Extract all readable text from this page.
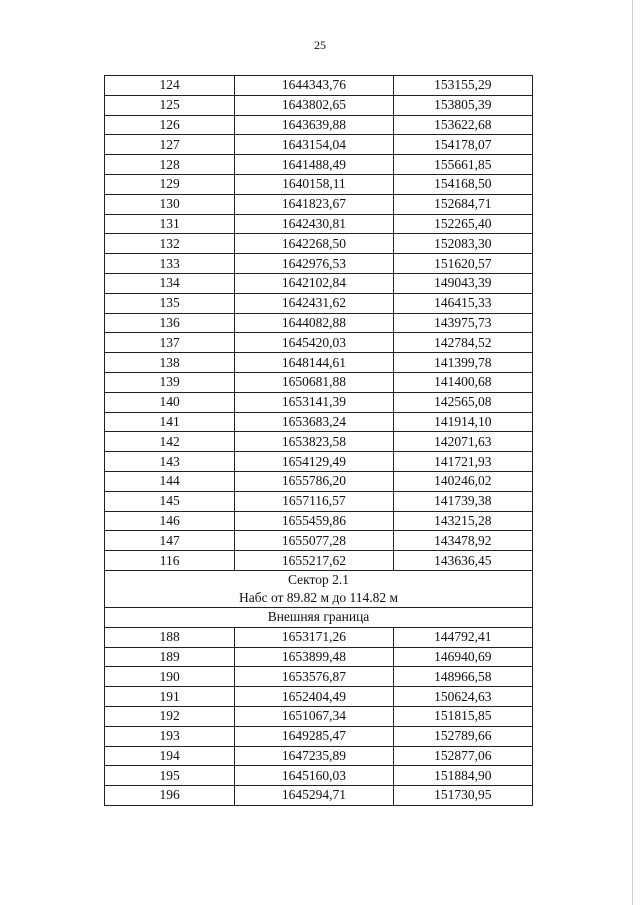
25
124	1644343,76	153155,29
125	1643802,65	153805,39
126	1643639,88	153622,68
127	1643154,04	154178,07
128	1641488,49	155661,85
129	1640158,11	154168,50
130	1641823,67	152684,71
131	1642430,81	152265,40
132	1642268,50	152083,30
133	1642976,53	151620,57
134	1642102,84	149043,39
135	1642431,62	146415,33
136	1644082,88	143975,73
137	1645420,03	142784,52
138	1648144,61	141399,78
139	1650681,88	141400,68
140	1653141,39	142565,08
141	1653683,24	141914,10
142	1653823,58	142071,63
143	1654129,49	141721,93
144	1655786,20	140246,02
145	1657116,57	141739,38
146	1655459,86	143215,28
147	1655077,28	143478,92
116	1655217,62	143636,45

Сектор 2.1
Набс от 89.82 м до 114.82 м		

Внешняя граница		
188	1653171,26	144792,41
189	1653899,48	146940,69
190	1653576,87	148966,58
191	1652404,49	150624,63
192	1651067,34	151815,85
193	1649285,47	152789,66
194	1647235,89	152877,06
195	1645160,03	151884,90
196	1645294,71	151730,95
